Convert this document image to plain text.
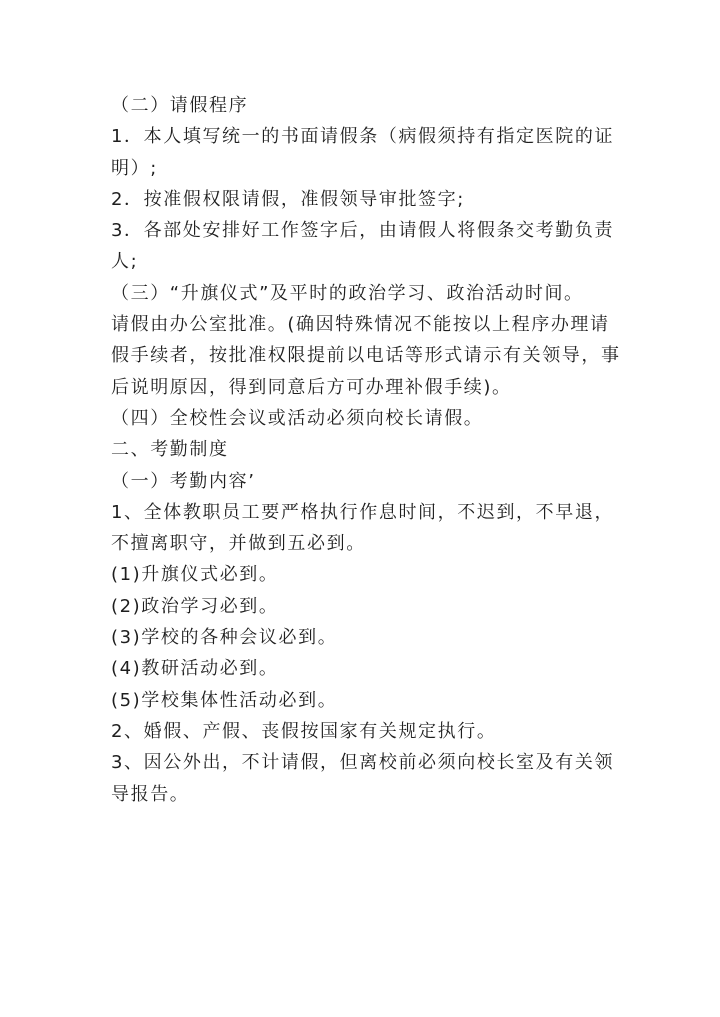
（二）请假程序
1．本人填写统一的书面请假条（病假须持有指定医院的证
明）;
2．按准假权限请假，准假领导审批签字;
3．各部处安排好工作签字后，由请假人将假条交考勤负责
人;
（三）“升旗仪式”及平时的政治学习、政治活动时间。
请假由办公室批准。(确因特殊情况不能按以上程序办理请
假手续者，按批准权限提前以电话等形式请示有关领导，事
后说明原因，得到同意后方可办理补假手续)。
（四）全校性会议或活动必须向校长请假。
二、考勤制度
（一）考勤内容’
1、全体教职员工要严格执行作息时间，不迟到，不早退，
不擅离职守，并做到五必到。
(1)升旗仪式必到。
(2)政治学习必到。
(3)学校的各种会议必到。
(4)教研活动必到。
(5)学校集体性活动必到。
2、婚假、产假、丧假按国家有关规定执行。
3、因公外出，不计请假，但离校前必须向校长室及有关领
导报告。
